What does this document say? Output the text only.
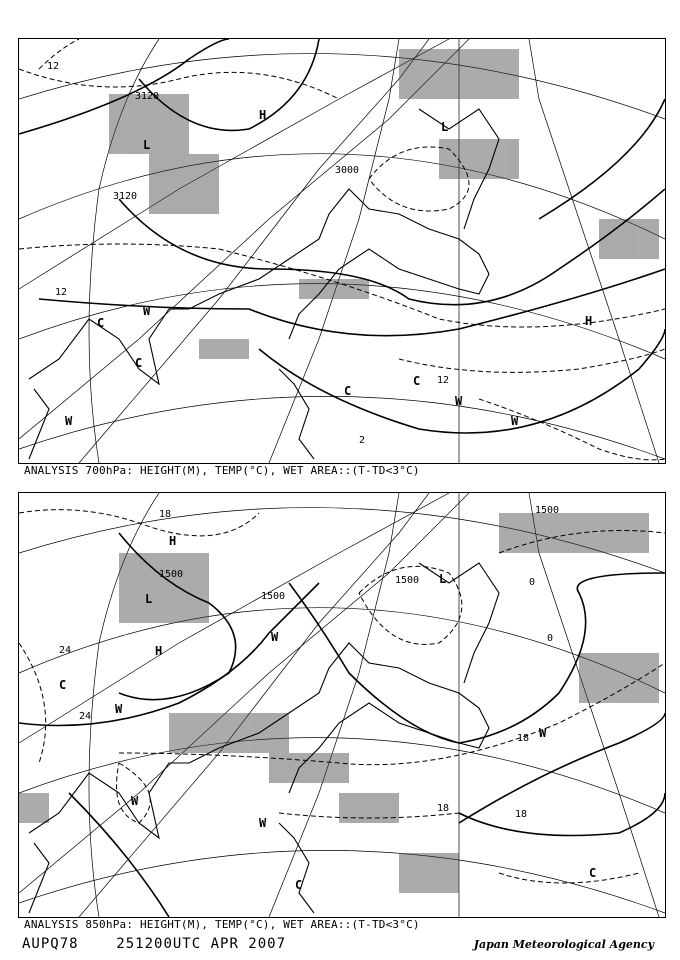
3120
3120
3000
12
12
12
2
H
L
L
H
C
C
C
C
W
W
W
W
ANALYSIS 700hPa: HEIGHT(M), TEMP(°C), WET AREA::(T-TD<3°C)
1500
1500
1500
1500
18
18
18
24
24
0
0
18
L
H
H
L
W
W
W
W
W
C
C
C
ANALYSIS 850hPa: HEIGHT(M), TEMP(°C), WET AREA::(T-TD<3°C)
AUPQ78	251200UTC APR 2007	Japan Meteorological Agency
